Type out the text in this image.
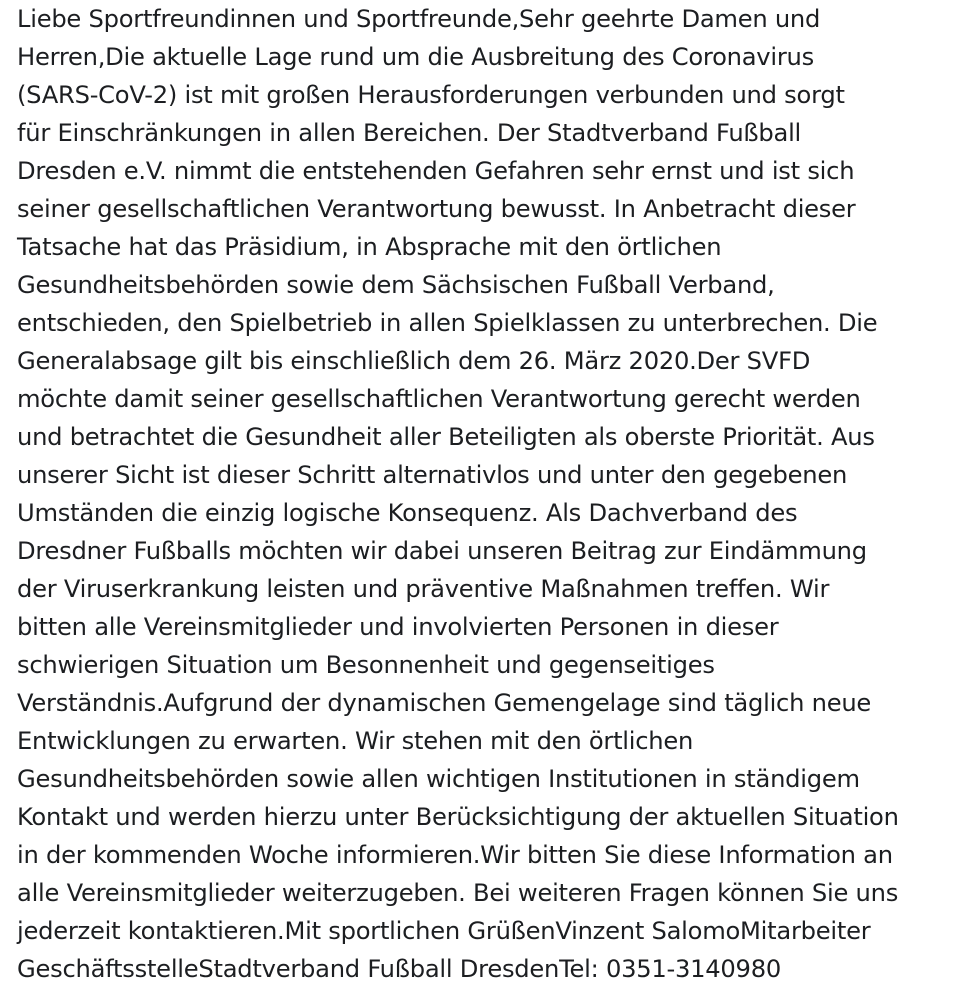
Liebe Sportfreundinnen und Sportfreunde,Sehr geehrte Damen und
Herren,Die aktuelle Lage rund um die Ausbreitung des Coronavirus
(SARS-CoV-2) ist mit großen Herausforderungen verbunden und sorgt
für Einschränkungen in allen Bereichen. Der Stadtverband Fußball
Dresden e.V. nimmt die entstehenden Gefahren sehr ernst und ist sich
seiner gesellschaftlichen Verantwortung bewusst. In Anbetracht dieser
Tatsache hat das Präsidium, in Absprache mit den örtlichen
Gesundheitsbehörden sowie dem Sächsischen Fußball Verband,
entschieden, den Spielbetrieb in allen Spielklassen zu unterbrechen. Die
Generalabsage gilt bis einschließlich dem 26. März 2020.Der SVFD
möchte damit seiner gesellschaftlichen Verantwortung gerecht werden
und betrachtet die Gesundheit aller Beteiligten als oberste Priorität. Aus
unserer Sicht ist dieser Schritt alternativlos und unter den gegebenen
Umständen die einzig logische Konsequenz. Als Dachverband des
Dresdner Fußballs möchten wir dabei unseren Beitrag zur Eindämmung
der Viruserkrankung leisten und präventive Maßnahmen treffen. Wir
bitten alle Vereinsmitglieder und involvierten Personen in dieser
schwierigen Situation um Besonnenheit und gegenseitiges
Verständnis.Aufgrund der dynamischen Gemengelage sind täglich neue
Entwicklungen zu erwarten. Wir stehen mit den örtlichen
Gesundheitsbehörden sowie allen wichtigen Institutionen in ständigem
Kontakt und werden hierzu unter Berücksichtigung der aktuellen Situation
in der kommenden Woche informieren.Wir bitten Sie diese Information an
alle Vereinsmitglieder weiterzugeben. Bei weiteren Fragen können Sie uns
jederzeit kontaktieren.Mit sportlichen GrüßenVinzent SalomoMitarbeiter
GeschäftsstelleStadtverband Fußball DresdenTel: 0351-3140980
